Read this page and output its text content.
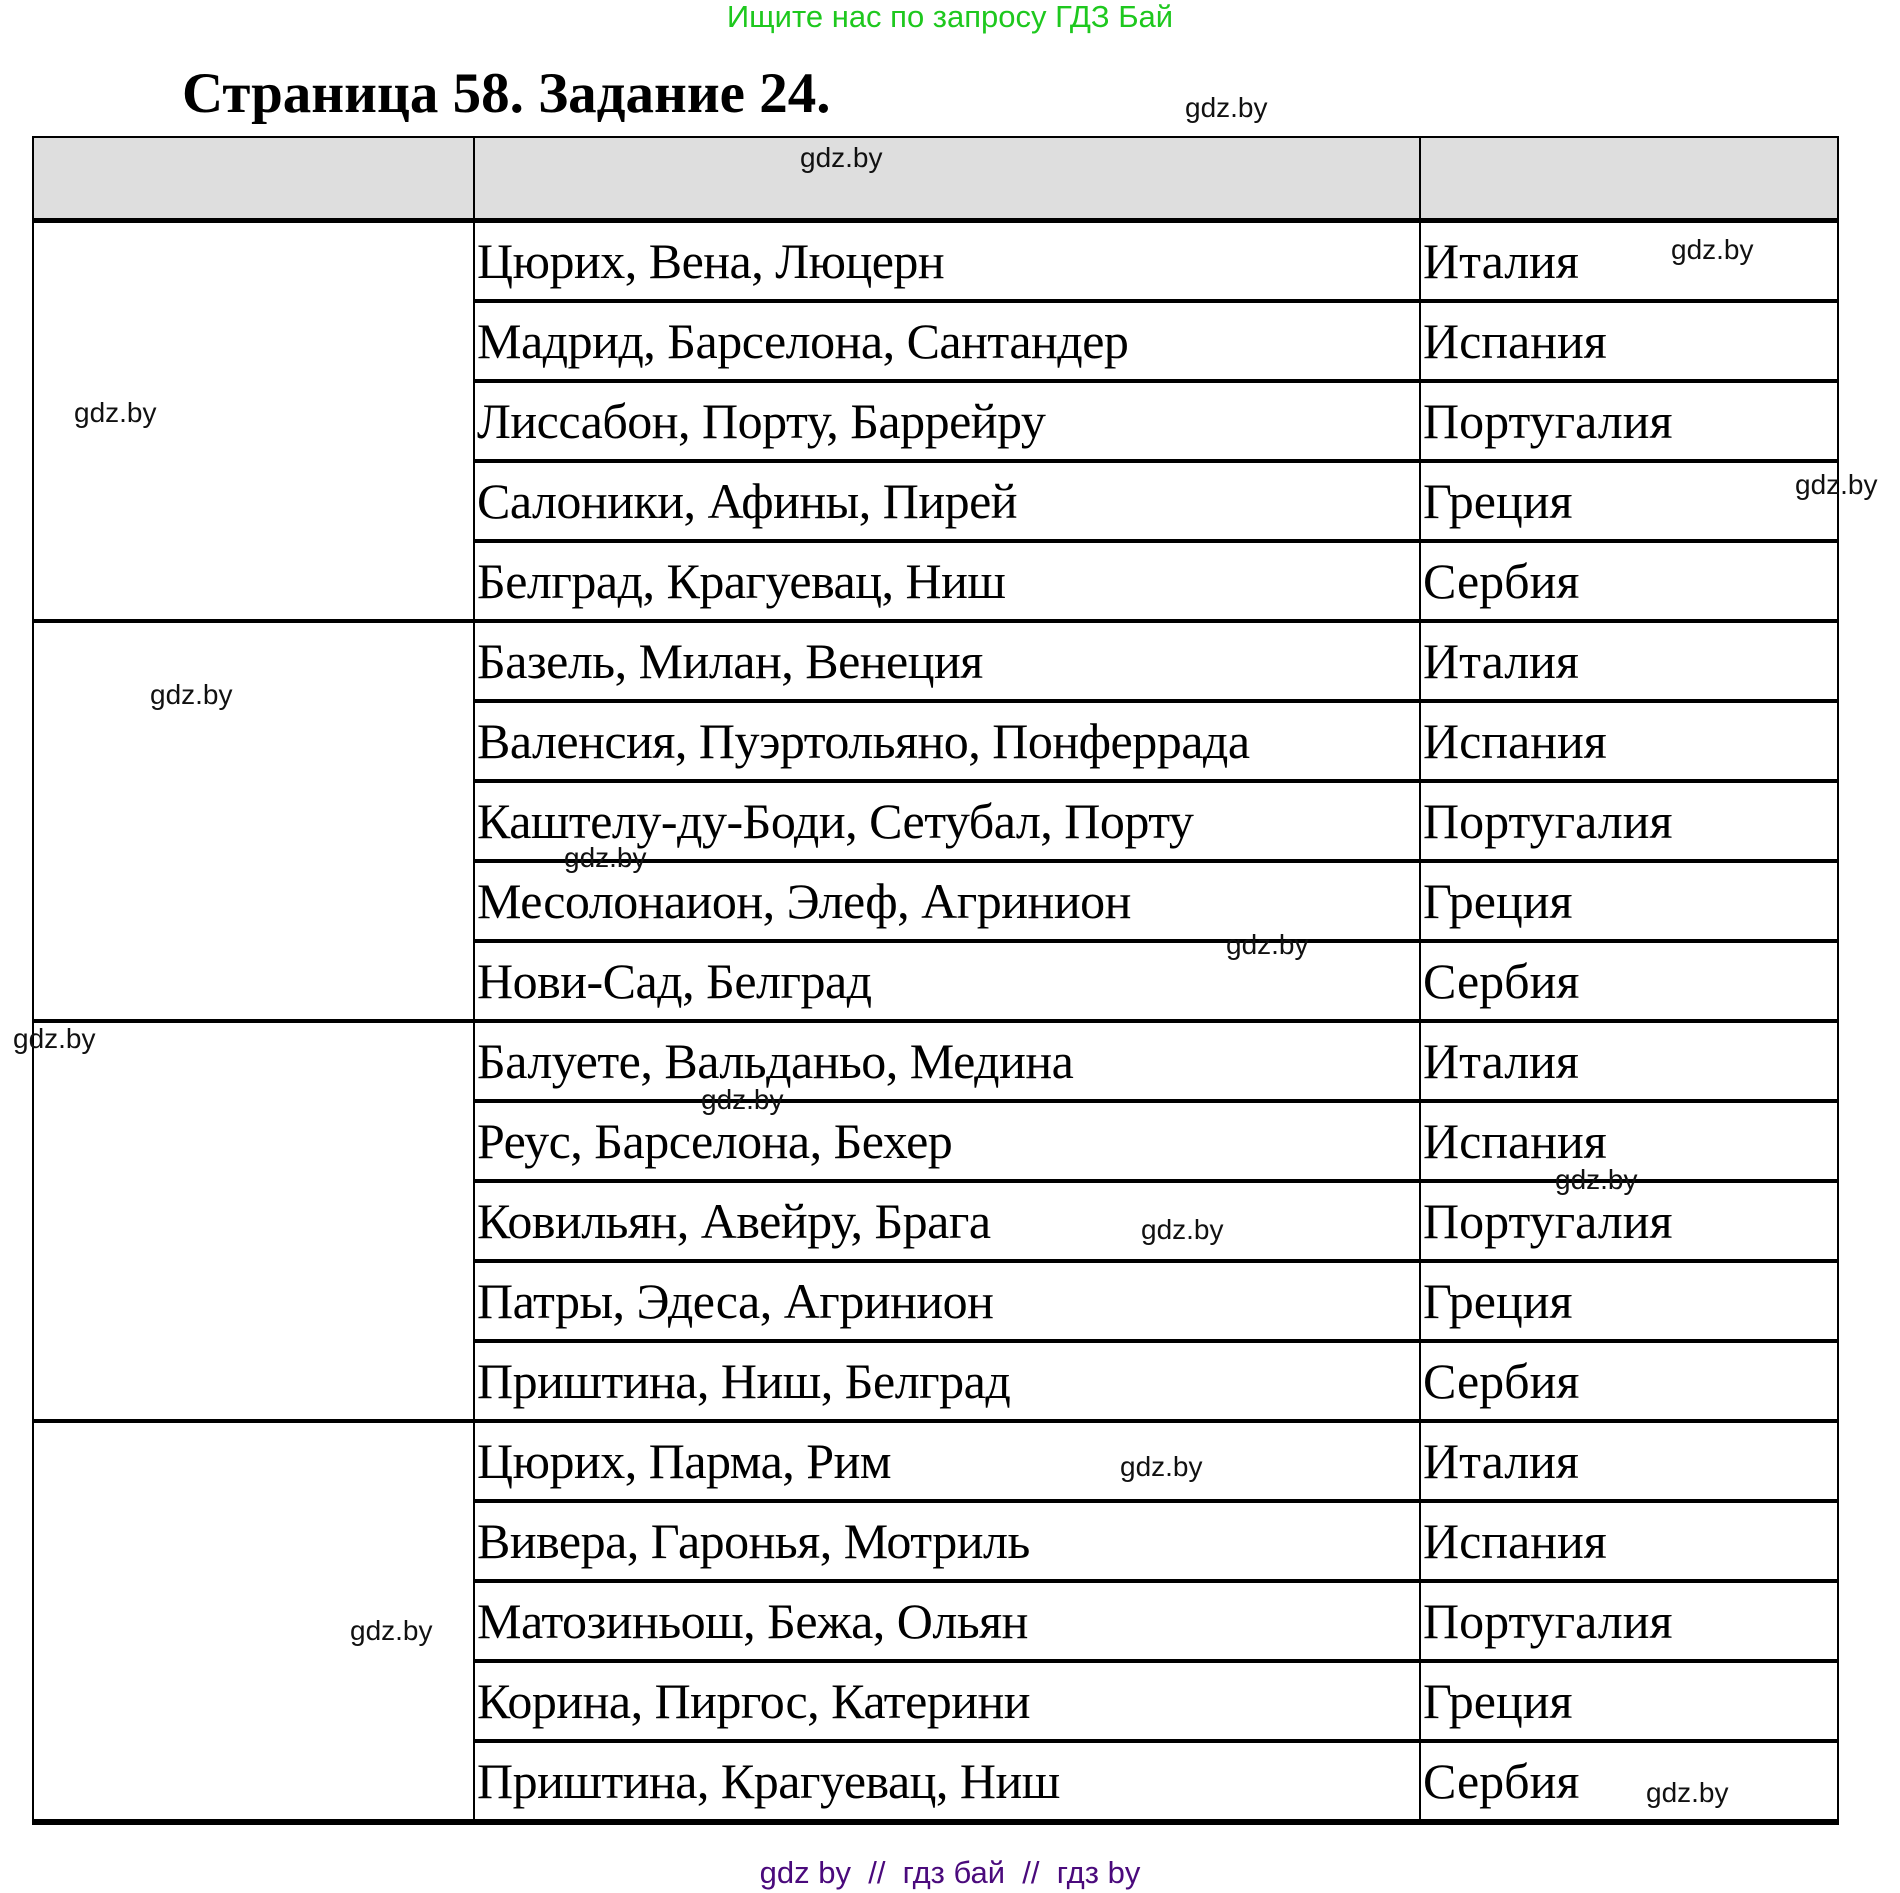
Ищите нас по запросу ГДЗ Бай
Страница 58. Задание 24.
Цюрих, Вена, Люцерн	Италия
Мадрид, Барселона, Сантандер	Испания
Лиссабон, Порту, Баррейру	Португалия
Салоники, Афины, Пирей	Греция
Белград, Крагуевац, Ниш	Сербия
Базель, Милан, Венеция	Италия
Валенсия, Пуэртольяно, Понферрада	Испания
Каштелу-ду-Боди, Сетубал, Порту	Португалия
Месолонаион, Элеф, Агринион	Греция
Нови-Сад, Белград	Сербия
Балуете, Вальданьо, Медина	Италия
Реус, Барселона, Бехер	Испания
Ковильян, Авейру, Брага	Португалия
Патры, Эдеса, Агринион	Греция
Приштина, Ниш, Белград	Сербия
Цюрих, Парма, Рим	Италия
Вивера, Гаронья, Мотриль	Испания
Матозиньош, Бежа, Ольян	Португалия
Корина, Пиргос, Катерини	Греция
Приштина, Крагуевац, Ниш	Сербия
gdz.by
gdz.by
gdz.by
gdz.by
gdz.by
gdz.by
gdz.by
gdz.by
gdz.by
gdz.by
gdz.by
gdz.by
gdz.by
gdz.by
gdz.by
gdz by  //  гдз бай  //  гдз by
